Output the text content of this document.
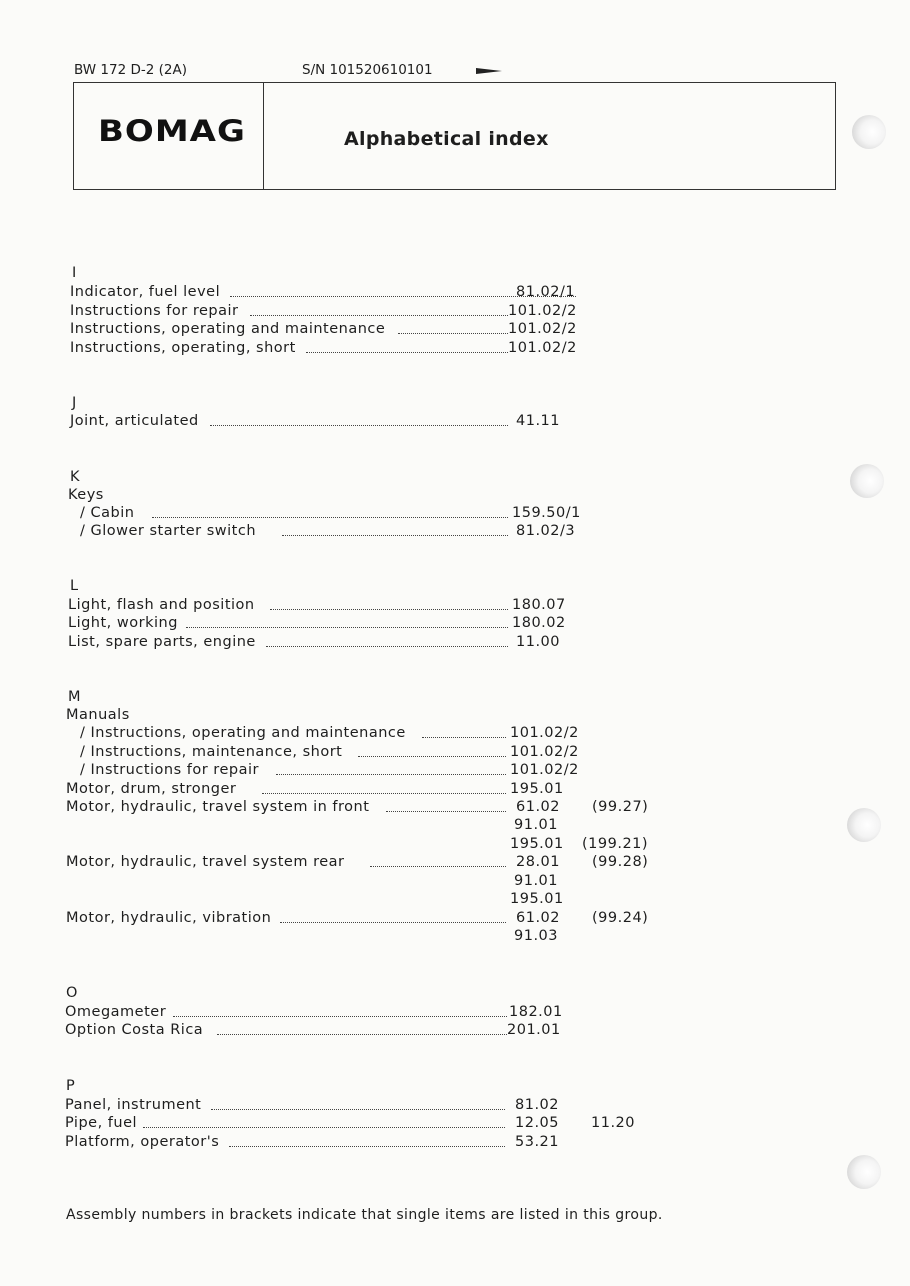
BW 172 D-2 (2A)	S/N 101520610101
BOMAG	Alphabetical index
I
Indicator, fuel level	81.02/1
Instructions for repair	101.02/2
Instructions, operating and maintenance	101.02/2
Instructions, operating, short	101.02/2
J
Joint, articulated	41.11
K
Keys
/ Cabin	159.50/1
/ Glower starter switch	81.02/3
L
Light, flash and position	180.07
Light, working	180.02
List, spare parts, engine	11.00
M
Manuals
/ Instructions, operating and maintenance	101.02/2
/ Instructions, maintenance, short	101.02/2
/ Instructions for repair	101.02/2
Motor, drum, stronger	195.01
Motor, hydraulic, travel system in front	61.02 (99.27)
91.01
195.01 (199.21)
Motor, hydraulic, travel system rear	28.01 (99.28)
91.01
195.01
Motor, hydraulic, vibration	61.02 (99.24)
91.03
O
Omegameter	182.01
Option Costa Rica	201.01
P
Panel, instrument	81.02
Pipe, fuel	12.05 11.20
Platform, operator's	53.21
Assembly numbers in brackets indicate that single items are listed in this group.
